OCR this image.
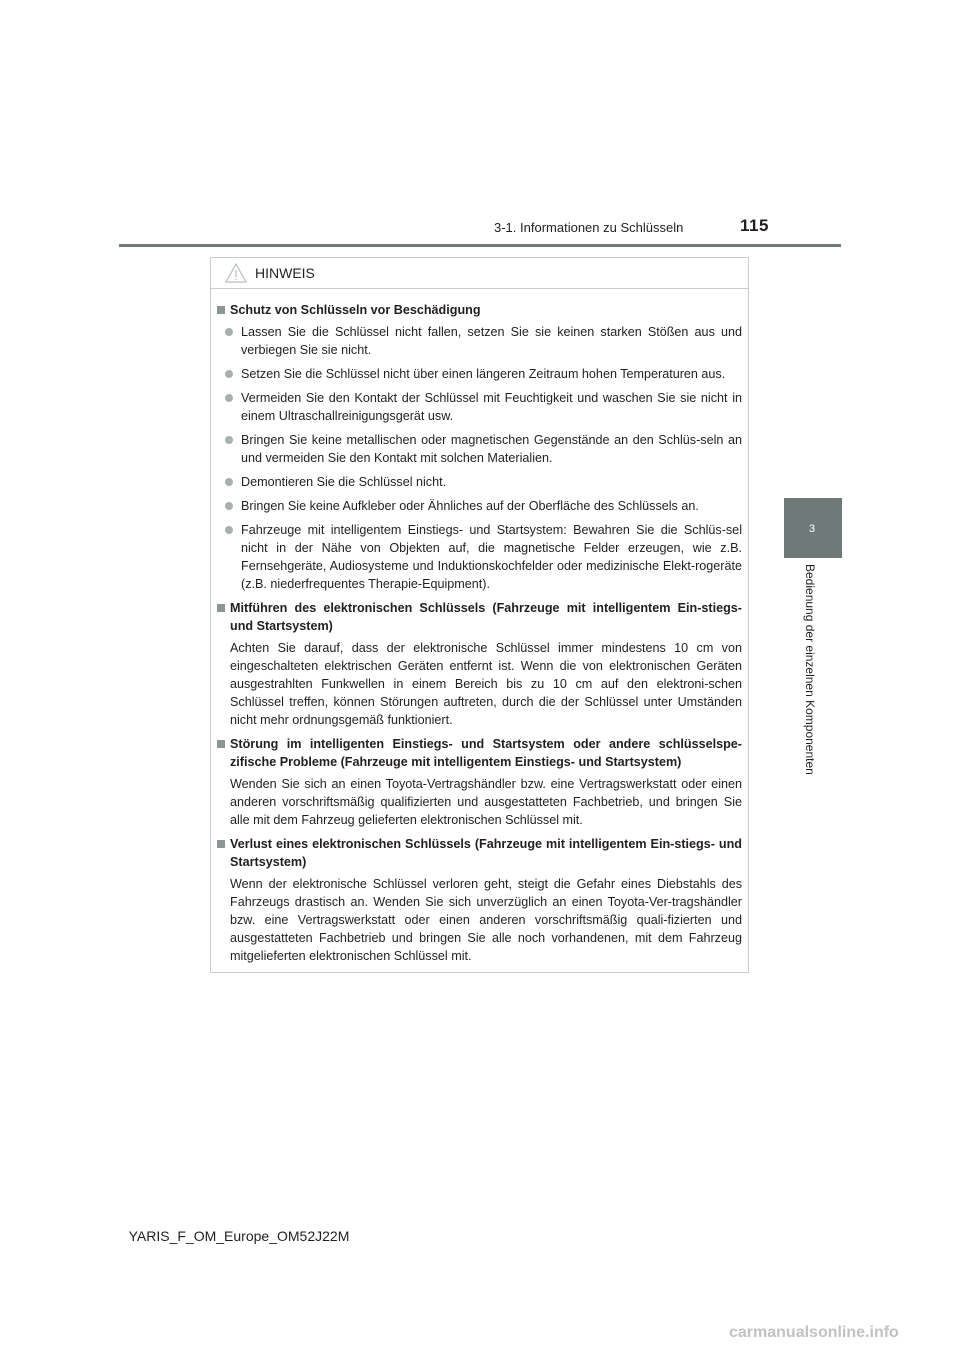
3-1. Informationen zu Schlüsseln	115
3
Bedienung der einzelnen Komponenten
HINWEIS
Schutz von Schlüsseln vor Beschädigung
Lassen Sie die Schlüssel nicht fallen, setzen Sie sie keinen starken Stößen aus und verbiegen Sie sie nicht.
Setzen Sie die Schlüssel nicht über einen längeren Zeitraum hohen Temperaturen aus.
Vermeiden Sie den Kontakt der Schlüssel mit Feuchtigkeit und waschen Sie sie nicht in einem Ultraschallreinigungsgerät usw.
Bringen Sie keine metallischen oder magnetischen Gegenstände an den Schlüs-seln an und vermeiden Sie den Kontakt mit solchen Materialien.
Demontieren Sie die Schlüssel nicht.
Bringen Sie keine Aufkleber oder Ähnliches auf der Oberfläche des Schlüssels an.
Fahrzeuge mit intelligentem Einstiegs- und Startsystem: Bewahren Sie die Schlüs-sel nicht in der Nähe von Objekten auf, die magnetische Felder erzeugen, wie z.B. Fernsehgeräte, Audiosysteme und Induktionskochfelder oder medizinische Elekt-rogeräte (z.B. niederfrequentes Therapie-Equipment).
Mitführen des elektronischen Schlüssels (Fahrzeuge mit intelligentem Ein-stiegs- und Startsystem)
Achten Sie darauf, dass der elektronische Schlüssel immer mindestens 10 cm von eingeschalteten elektrischen Geräten entfernt ist. Wenn die von elektronischen Geräten ausgestrahlten Funkwellen in einem Bereich bis zu 10 cm auf den elektroni-schen Schlüssel treffen, können Störungen auftreten, durch die der Schlüssel unter Umständen nicht mehr ordnungsgemäß funktioniert.
Störung im intelligenten Einstiegs- und Startsystem oder andere schlüsselspe-zifische Probleme (Fahrzeuge mit intelligentem Einstiegs- und Startsystem)
Wenden Sie sich an einen Toyota-Vertragshändler bzw. eine Vertragswerkstatt oder einen anderen vorschriftsmäßig qualifizierten und ausgestatteten Fachbetrieb, und bringen Sie alle mit dem Fahrzeug gelieferten elektronischen Schlüssel mit.
Verlust eines elektronischen Schlüssels (Fahrzeuge mit intelligentem Ein-stiegs- und Startsystem)
Wenn der elektronische Schlüssel verloren geht, steigt die Gefahr eines Diebstahls des Fahrzeugs drastisch an. Wenden Sie sich unverzüglich an einen Toyota-Ver-tragshändler bzw. eine Vertragswerkstatt oder einen anderen vorschriftsmäßig quali-fizierten und ausgestatteten Fachbetrieb und bringen Sie alle noch vorhandenen, mit dem Fahrzeug mitgelieferten elektronischen Schlüssel mit.
YARIS_F_OM_Europe_OM52J22M
carmanualsonline.info
